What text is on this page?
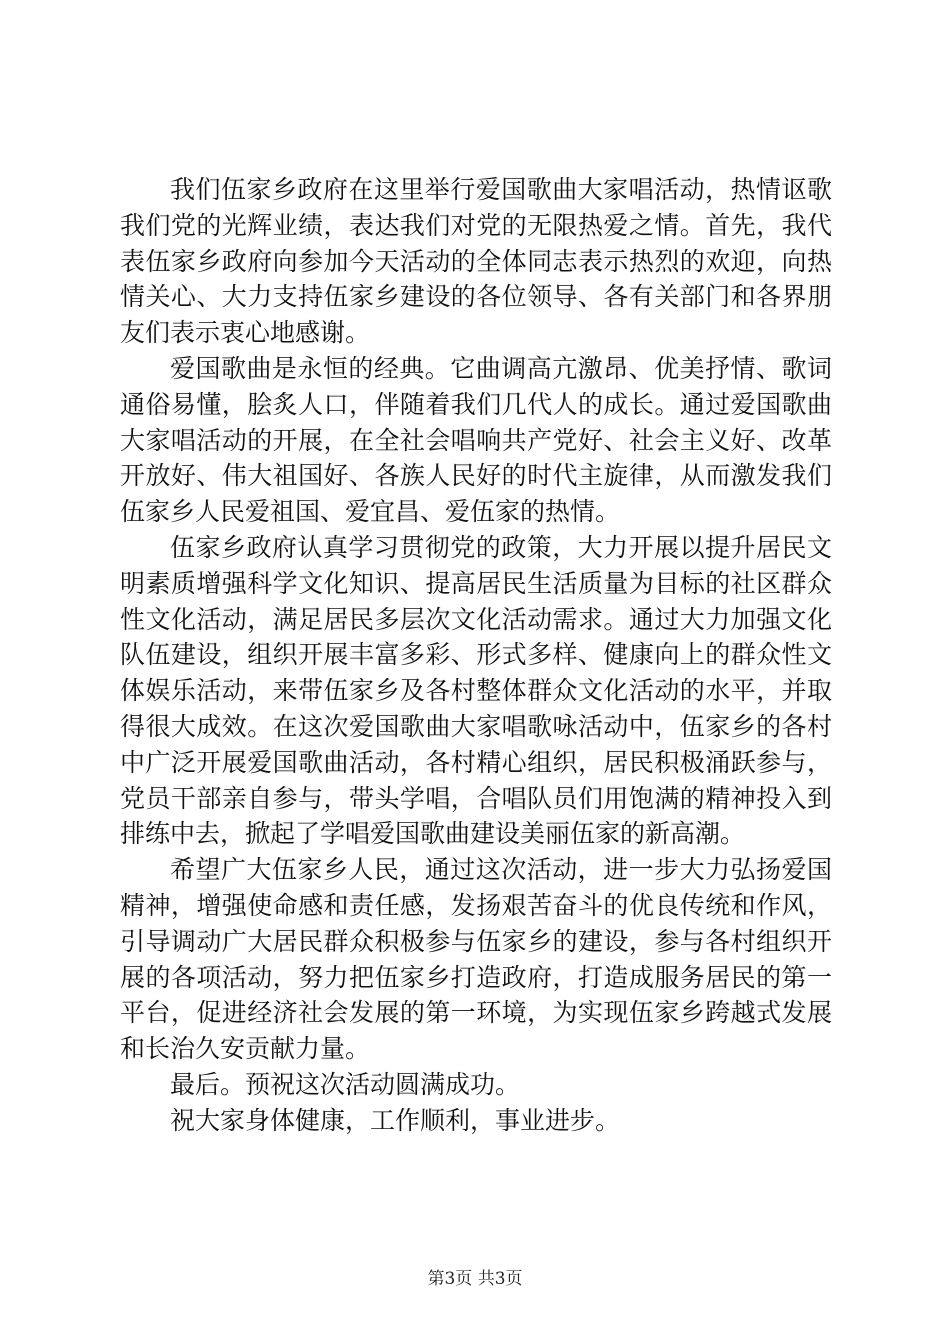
我们伍家乡政府在这里举行爱国歌曲大家唱活动，热情讴歌我们党的光辉业绩，表达我们对党的无限热爱之情。首先，我代表伍家乡政府向参加今天活动的全体同志表示热烈的欢迎，向热情关心、大力支持伍家乡建设的各位领导、各有关部门和各界朋友们表示衷心地感谢。

爱国歌曲是永恒的经典。它曲调高亢激昂、优美抒情、歌词通俗易懂，脍炙人口，伴随着我们几代人的成长。通过爱国歌曲大家唱活动的开展，在全社会唱响共产党好、社会主义好、改革开放好、伟大祖国好、各族人民好的时代主旋律，从而激发我们伍家乡人民爱祖国、爱宜昌、爱伍家的热情。

伍家乡政府认真学习贯彻党的政策，大力开展以提升居民文明素质增强科学文化知识、提高居民生活质量为目标的社区群众性文化活动，满足居民多层次文化活动需求。通过大力加强文化队伍建设，组织开展丰富多彩、形式多样、健康向上的群众性文体娱乐活动，来带伍家乡及各村整体群众文化活动的水平，并取得很大成效。在这次爱国歌曲大家唱歌咏活动中，伍家乡的各村中广泛开展爱国歌曲活动，各村精心组织，居民积极涌跃参与，党员干部亲自参与，带头学唱，合唱队员们用饱满的精神投入到排练中去，掀起了学唱爱国歌曲建设美丽伍家的新高潮。

希望广大伍家乡人民，通过这次活动，进一步大力弘扬爱国精神，增强使命感和责任感，发扬艰苦奋斗的优良传统和作风，引导调动广大居民群众积极参与伍家乡的建设，参与各村组织开展的各项活动，努力把伍家乡打造政府，打造成服务居民的第一平台，促进经济社会发展的第一环境，为实现伍家乡跨越式发展和长治久安贡献力量。

最后。预祝这次活动圆满成功。

祝大家身体健康，工作顺利，事业进步。

第3页 共3页
